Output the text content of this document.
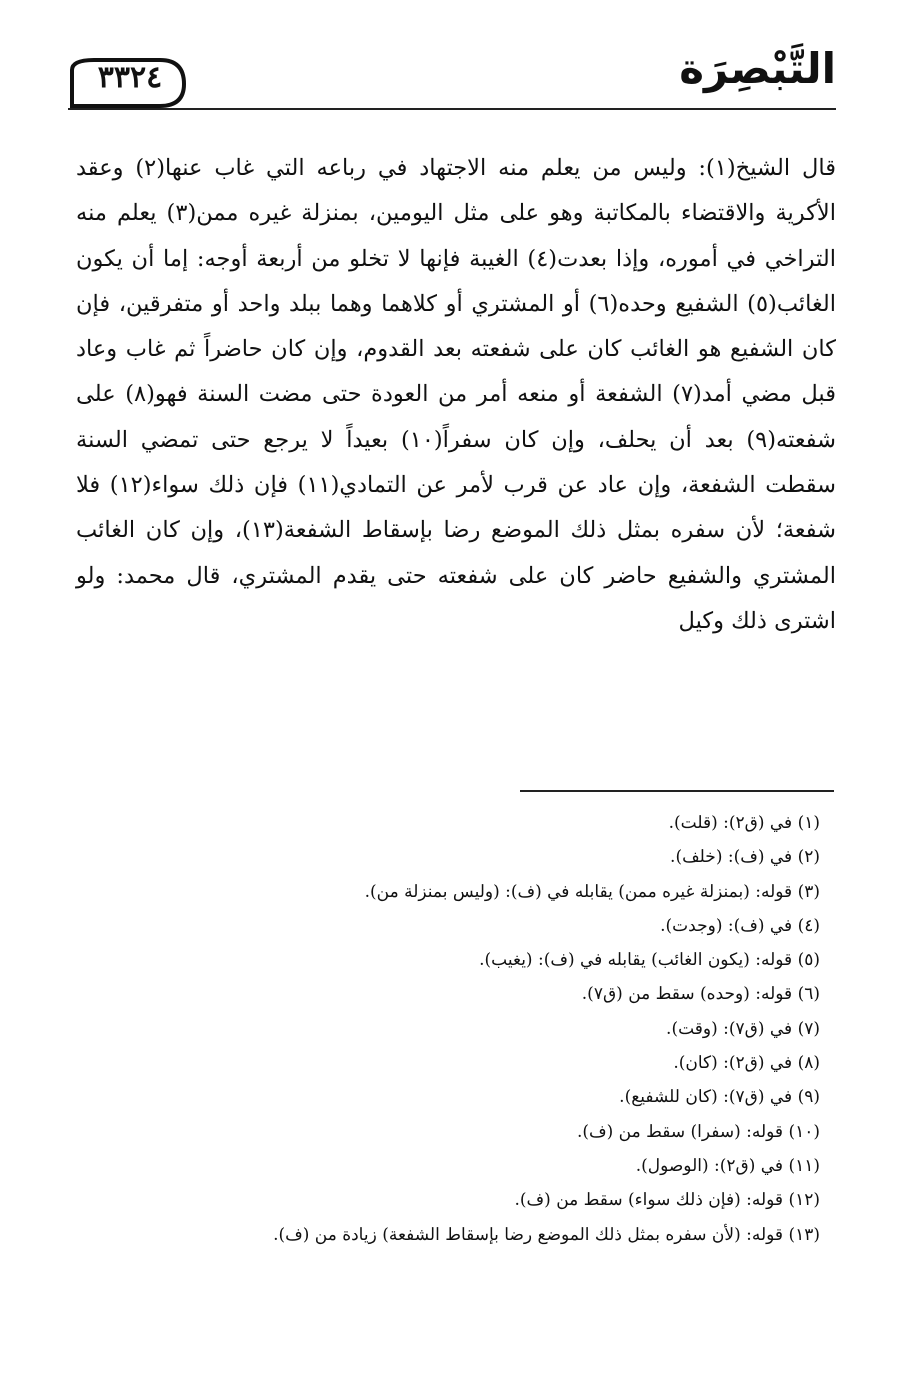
٣٣٢٤	التَّبْصِرَة

قال الشيخ(١): وليس من يعلم منه الاجتهاد في رباعه التي غاب عنها(٢) وعقد الأكرية والاقتضاء بالمكاتبة وهو على مثل اليومين، بمنزلة غيره ممن(٣) يعلم منه التراخي في أموره، وإذا بعدت(٤) الغيبة فإنها لا تخلو من أربعة أوجه: إما أن يكون الغائب(٥) الشفيع وحده(٦) أو المشتري أو كلاهما وهما ببلد واحد أو متفرقين، فإن كان الشفيع هو الغائب كان على شفعته بعد القدوم، وإن كان حاضراً ثم غاب وعاد قبل مضي أمد(٧) الشفعة أو منعه أمر من العودة حتى مضت السنة فهو(٨) على شفعته(٩) بعد أن يحلف، وإن كان سفراً(١٠) بعيداً لا يرجع حتى تمضي السنة سقطت الشفعة، وإن عاد عن قرب لأمر عن التمادي(١١) فإن ذلك سواء(١٢) فلا شفعة؛ لأن سفره بمثل ذلك الموضع رضا بإسقاط الشفعة(١٣)، وإن كان الغائب المشتري والشفيع حاضر كان على شفعته حتى يقدم المشتري، قال محمد: ولو اشترى ذلك وكيل

(١) في (ق٢): (قلت).
(٢) في (ف): (خلف).
(٣) قوله: (بمنزلة غيره ممن) يقابله في (ف): (وليس بمنزلة من).
(٤) في (ف): (وجدت).
(٥) قوله: (يكون الغائب) يقابله في (ف): (يغيب).
(٦) قوله: (وحده) سقط من (ق٧).
(٧) في (ق٧): (وقت).
(٨) في (ق٢): (كان).
(٩) في (ق٧): (كان للشفيع).
(١٠) قوله: (سفرا) سقط من (ف).
(١١) في (ق٢): (الوصول).
(١٢) قوله: (فإن ذلك سواء) سقط من (ف).
(١٣) قوله: (لأن سفره بمثل ذلك الموضع رضا بإسقاط الشفعة) زيادة من (ف).
